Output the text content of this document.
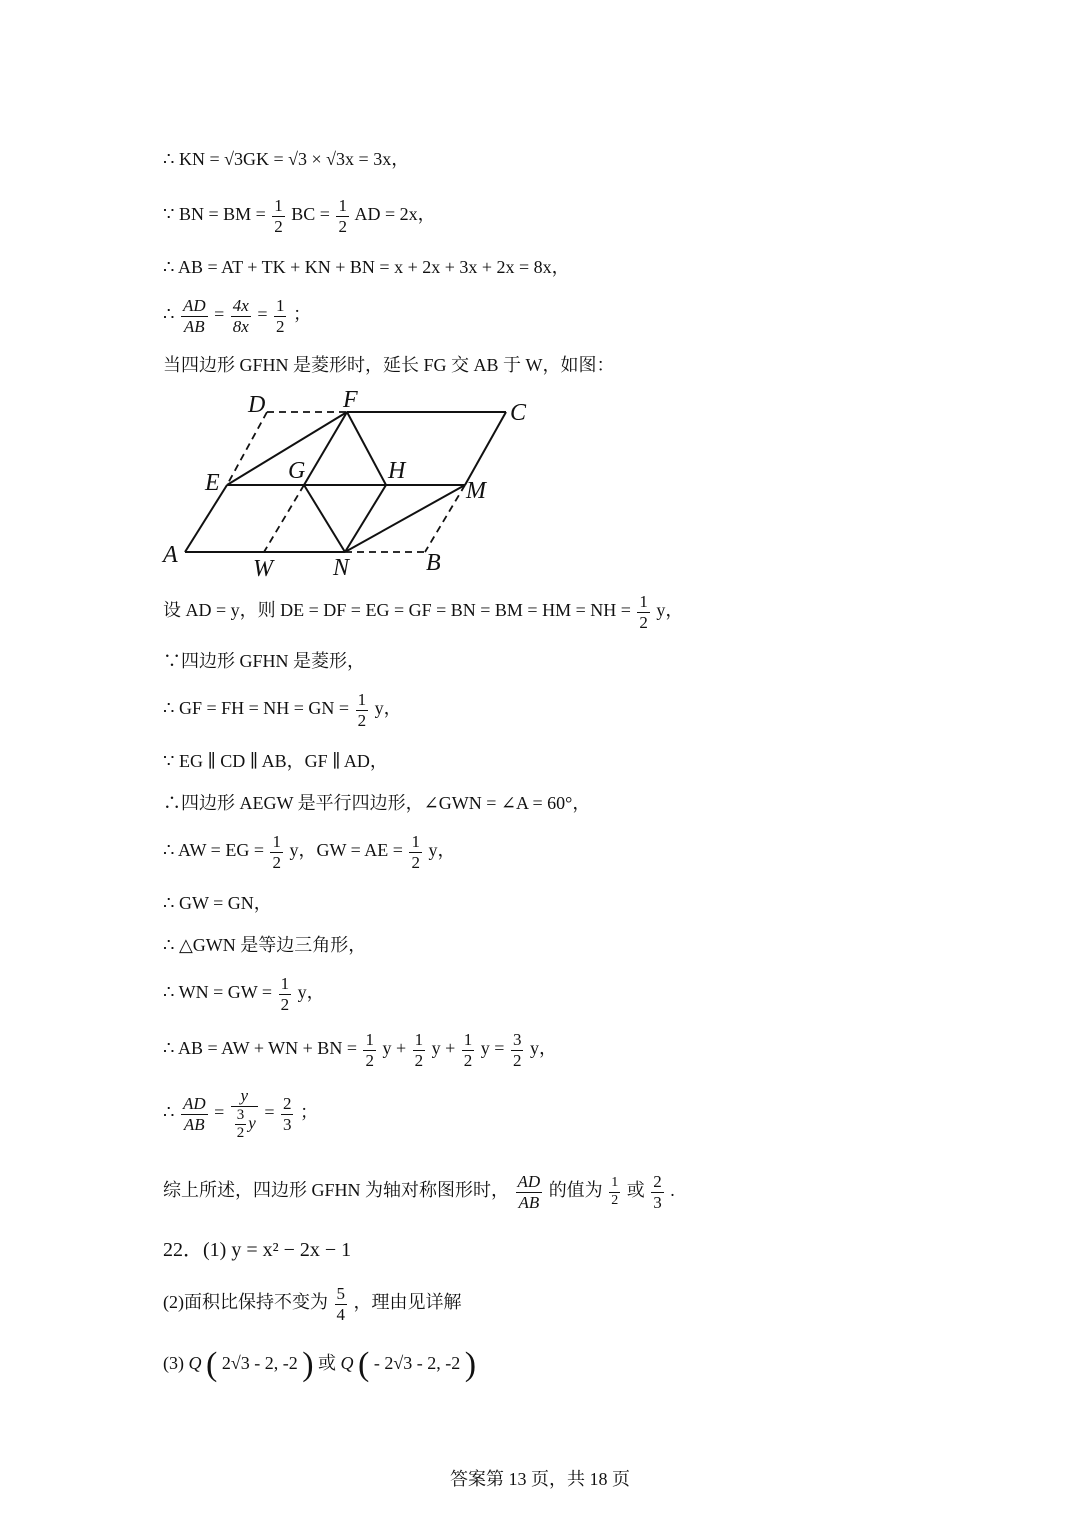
∴ KN = √3GK = √3 × √3x = 3x，
∵ BN = BM = $\frac{1}{2}$ BC = $\frac{1}{2}$ AD = 2x，
∴ AB = AT + TK + KN + BN = x + 2x + 3x + 2x = 8x，
∴ $\frac{AD}{AB} = \frac{4x}{8x} = \frac{1}{2}$ ；
当四边形 GFHN 是菱形时，延长 FG 交 AB 于 W，如图：
D	F	C
E	G	H
M
A
W	N	B
设 AD = y，则 DE = DF = EG = GF = BN = BM = HM = NH = $\frac{1}{2}$ y，
∵四边形 GFHN 是菱形，
∴ GF = FH = NH = GN = $\frac{1}{2}$ y，
∵ EG ∥ CD ∥ AB，GF ∥ AD，
∴四边形 AEGW 是平行四边形，∠GWN = ∠A = 60°，
∴ AW = EG = $\frac{1}{2}$ y，GW = AE = $\frac{1}{2}$ y，
∴ GW = GN，
∴ △GWN 是等边三角形，
∴ WN = GW = $\frac{1}{2}$ y，
∴ AB = AW + WN + BN = $\frac{1}{2}$ $y + \frac{1}{2}$ $y + \frac{1}{2}$ $y = \frac{3}{2}$ y，
∴ $\frac{AD}{AB} = \frac{y}{\frac{3}{2} y} = \frac{2}{3}$ ；
综上所述，四边形 GFHN 为轴对称图形时， $\frac{AD}{AB}$ 的值为 $\frac{1}{2}$ 或 $\frac{2}{3}$ .
22．(1) y = x² − 2x − 1
(2)面积比保持不变为 $\frac{5}{4}$ ，理由见详解
(3) Q ( 2√3 - 2, -2 ) 或 Q ( - 2√3 - 2, -2 )
答案第 13 页，共 18 页
